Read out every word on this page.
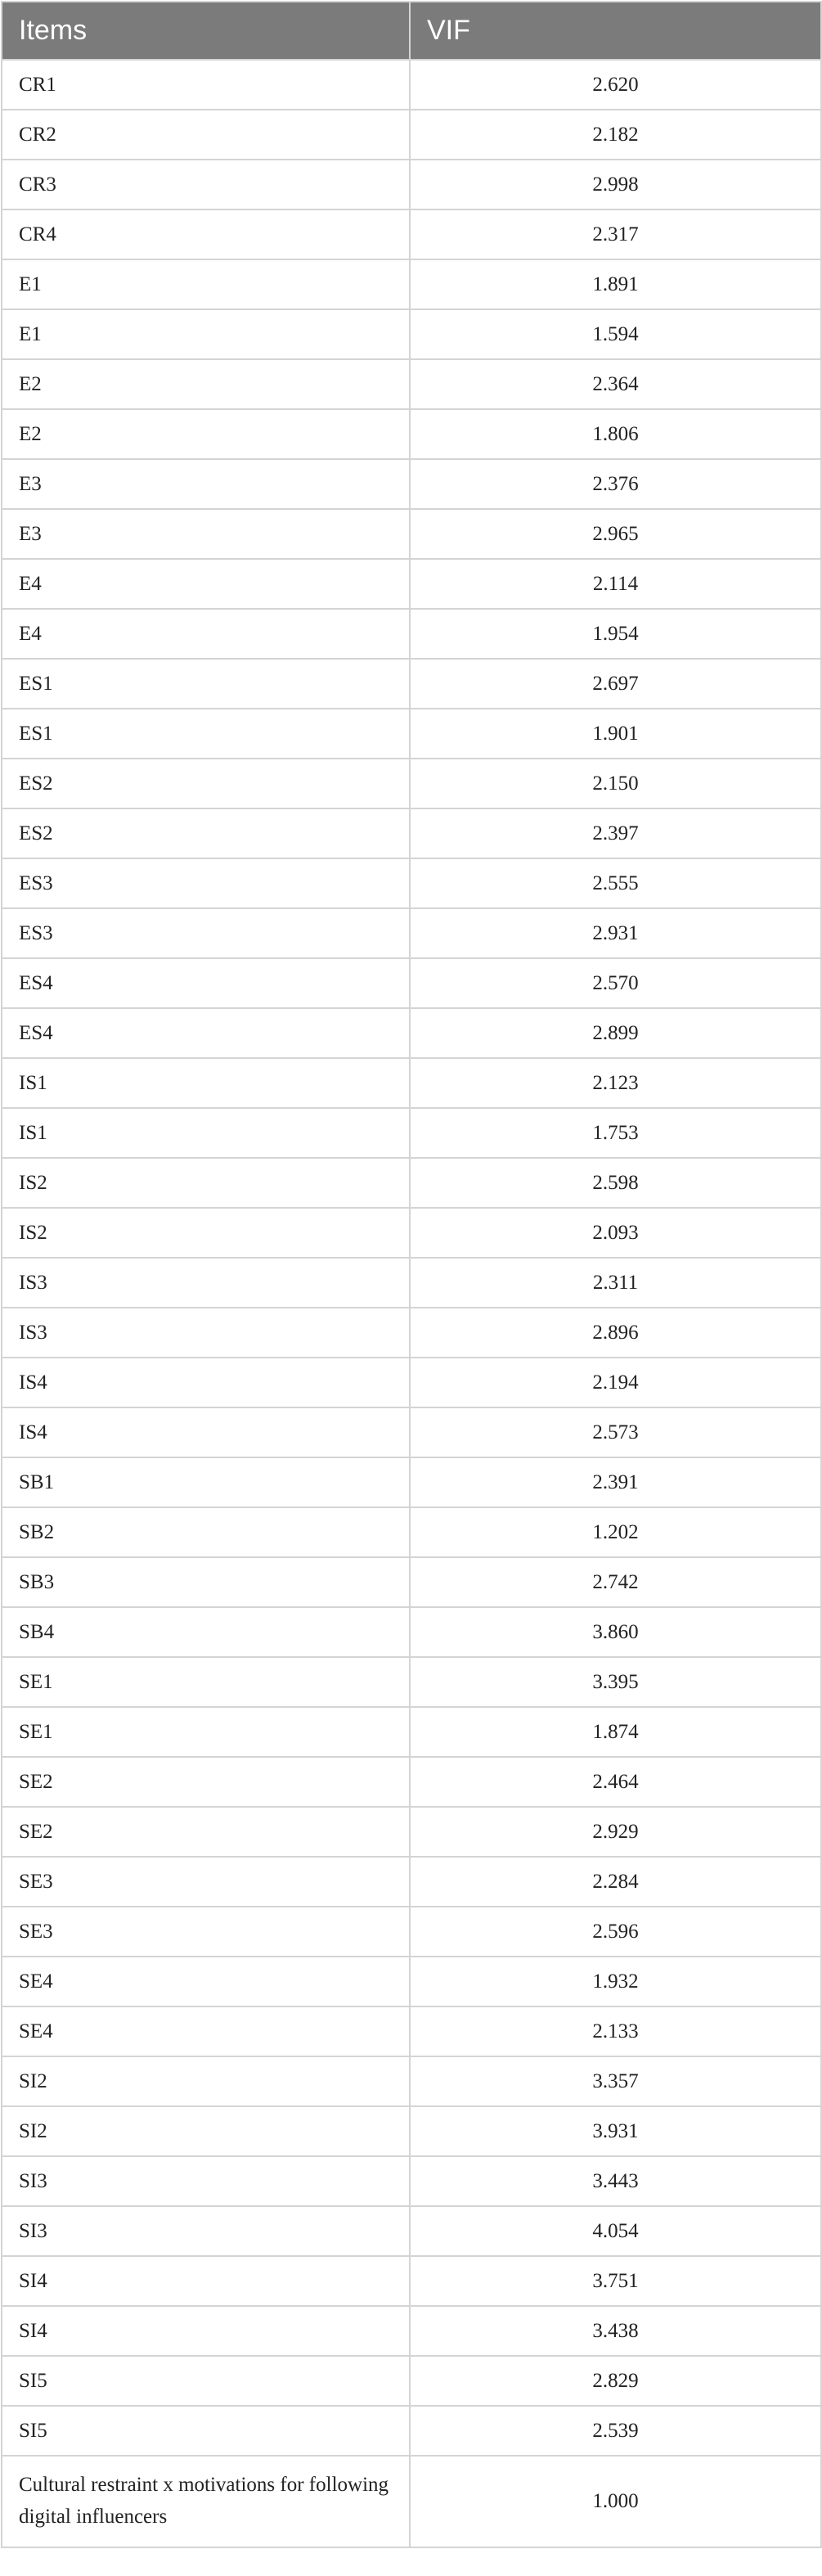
Items	VIF
CR1	2.620
CR2	2.182
CR3	2.998
CR4	2.317
E1	1.891
E1	1.594
E2	2.364
E2	1.806
E3	2.376
E3	2.965
E4	2.114
E4	1.954
ES1	2.697
ES1	1.901
ES2	2.150
ES2	2.397
ES3	2.555
ES3	2.931
ES4	2.570
ES4	2.899
IS1	2.123
IS1	1.753
IS2	2.598
IS2	2.093
IS3	2.311
IS3	2.896
IS4	2.194
IS4	2.573
SB1	2.391
SB2	1.202
SB3	2.742
SB4	3.860
SE1	3.395
SE1	1.874
SE2	2.464
SE2	2.929
SE3	2.284
SE3	2.596
SE4	1.932
SE4	2.133
SI2	3.357
SI2	3.931
SI3	3.443
SI3	4.054
SI4	3.751
SI4	3.438
SI5	2.829
SI5	2.539
Cultural restraint x motivations for following digital influencers	1.000
